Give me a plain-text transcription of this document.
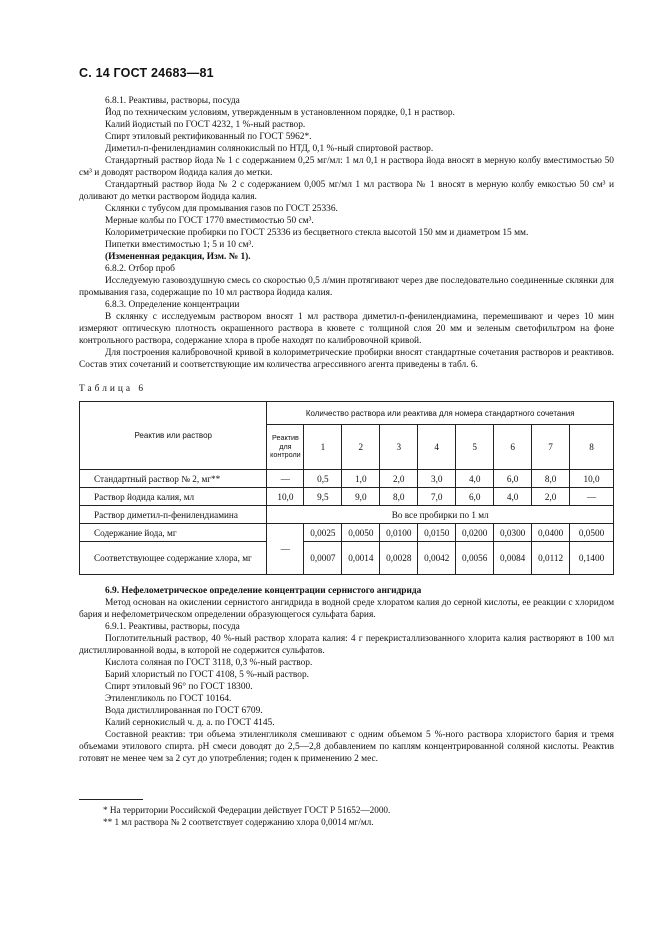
С. 14 ГОСТ 24683—81

6.8.1. Реактивы, растворы, посуда

Йод по техническим условиям, утвержденным в установленном порядке, 0,1 н раствор.

Калий йодистый по ГОСТ 4232, 1 %-ный раствор.

Спирт этиловый ректификованный по ГОСТ 5962*.

Диметил-п-фенилендиамин солянокислый по НТД, 0,1 %-ный спиртовой раствор.

Стандартный раствор йода № 1 с содержанием 0,25 мг/мл: 1 мл 0,1 н раствора йода вносят в мерную колбу вместимостью 50 см³ и доводят раствором йодида калия до метки.

Стандартный раствор йода № 2 с содержанием 0,005 мг/мл 1 мл раствора № 1 вносят в мерную колбу емкостью 50 см³ и доливают до метки раствором йодида калия.

Склянки с тубусом для промывания газов по ГОСТ 25336.

Мерные колбы по ГОСТ 1770 вместимостью 50 см³.

Колориметрические пробирки по ГОСТ 25336 из бесцветного стекла высотой 150 мм и диаметром 15 мм.

Пипетки вместимостью 1; 5 и 10 см³.

(Измененная редакция, Изм. № 1).

6.8.2. Отбор проб

Исследуемую газовоздушную смесь со скоростью 0,5 л/мин протягивают через две последовательно соединенные склянки для промывания газа, содержащие по 10 мл раствора йодида калия.

6.8.3. Определение концентрации

В склянку с исследуемым раствором вносят 1 мл раствора диметил-п-фенилендиамина, перемешивают и через 10 мин измеряют оптическую плотность окрашенного раствора в кювете с толщиной слоя 20 мм и зеленым светофильтром на фоне контрольного раствора, содержание хлора в пробе находят по калибровочной кривой.

Для построения калибровочной кривой в колориметрические пробирки вносят стандартные сочетания растворов и реактивов. Состав этих сочетаний и соответствующие им количества агрессивного агента приведены в табл. 6.

Таблица 6

Реактив или раствор	Количество раствора или реактива для номера стандартного сочетания								
	Реактив для контроли	1	2	3	4	5	6	7	8
Стандартный раствор № 2, мг**	—	0,5	1,0	2,0	3,0	4,0	6,0	8,0	10,0
Раствор йодида калия, мл	10,0	9,5	9,0	8,0	7,0	6,0	4,0	2,0	—
Раствор диметил-п-фенилендиамина	Во все пробирки по 1 мл								
Содержание йода, мг	—	0,0025	0,0050	0,0100	0,0150	0,0200	0,0300	0,0400	0,0500
Соответствующее содержание хлора, мг		0,0007	0,0014	0,0028	0,0042	0,0056	0,0084	0,0112	0,1400

6.9. Нефелометрическое определение концентрации сернистого ангидрида

Метод основан на окислении сернистого ангидрида в водной среде хлоратом калия до серной кислоты, ее реакции с хлоридом бария и нефелометрическом определении образующегося сульфата бария.

6.9.1. Реактивы, растворы, посуда

Поглотительный раствор, 40 %-ный раствор хлората калия: 4 г перекристаллизованного хлорита калия растворяют в 100 мл дистиллированной воды, в которой не содержится сульфатов.

Кислота соляная по ГОСТ 3118, 0,3 %-ный раствор.

Барий хлористый по ГОСТ 4108, 5 %-ный раствор.

Спирт этиловый 96° по ГОСТ 18300.

Этиленгликоль по ГОСТ 10164.

Вода дистиллированная по ГОСТ 6709.

Калий сернокислый ч. д. а. по ГОСТ 4145.

Составной реактив: три объема этиленгликоля смешивают с одним объемом 5 %-ного раствора хлористого бария и тремя объемами этилового спирта. рН смеси доводят до 2,5—2,8 добавлением по каплям концентрированной соляной кислоты. Реактив готовят не менее чем за 2 сут до употребления; годен к применению 2 мес.

* На территории Российской Федерации действует ГОСТ Р 51652—2000.

** 1 мл раствора № 2 соответствует содержанию хлора 0,0014 мг/мл.
